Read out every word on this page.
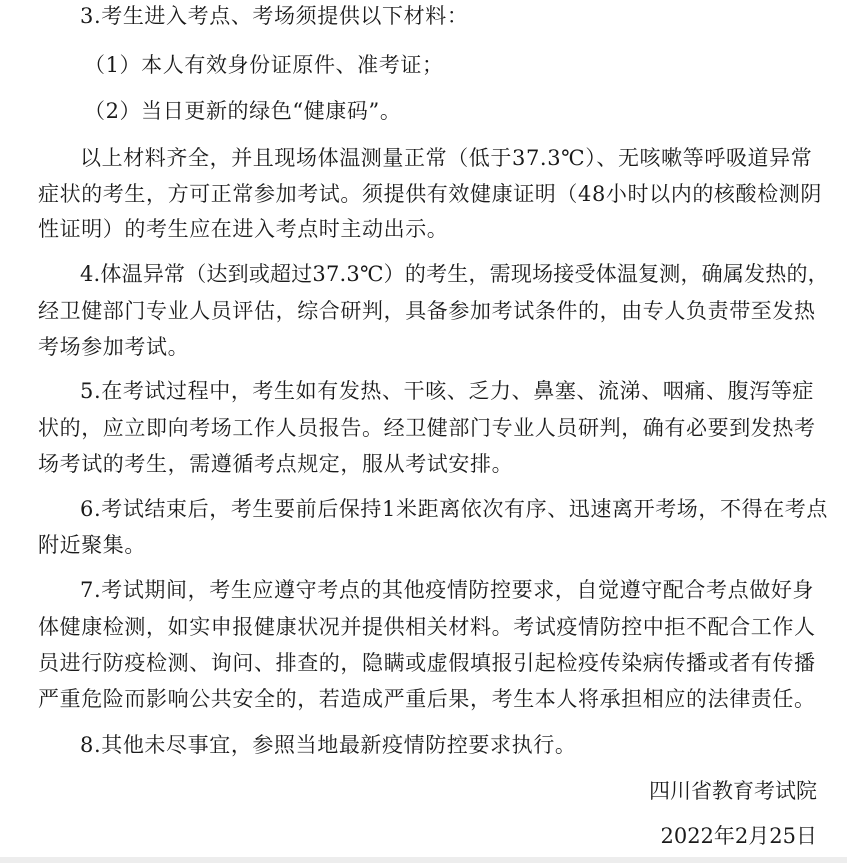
3.考生进入考点、考场须提供以下材料：
（1）本人有效身份证原件、准考证；
（2）当日更新的绿色“健康码”。
以上材料齐全，并且现场体温测量正常（低于37.3℃）、无咳嗽等呼吸道异常
症状的考生，方可正常参加考试。须提供有效健康证明（48小时以内的核酸检测阴
性证明）的考生应在进入考点时主动出示。
4.体温异常（达到或超过37.3℃）的考生，需现场接受体温复测，确属发热的，
经卫健部门专业人员评估，综合研判，具备参加考试条件的，由专人负责带至发热
考场参加考试。
5.在考试过程中，考生如有发热、干咳、乏力、鼻塞、流涕、咽痛、腹泻等症
状的，应立即向考场工作人员报告。经卫健部门专业人员研判，确有必要到发热考
场考试的考生，需遵循考点规定，服从考试安排。
6.考试结束后，考生要前后保持1米距离依次有序、迅速离开考场，不得在考点
附近聚集。
7.考试期间，考生应遵守考点的其他疫情防控要求，自觉遵守配合考点做好身
体健康检测，如实申报健康状况并提供相关材料。考试疫情防控中拒不配合工作人
员进行防疫检测、询问、排查的，隐瞒或虚假填报引起检疫传染病传播或者有传播
严重危险而影响公共安全的，若造成严重后果，考生本人将承担相应的法律责任。
8.其他未尽事宜，参照当地最新疫情防控要求执行。
四川省教育考试院
2022年2月25日
